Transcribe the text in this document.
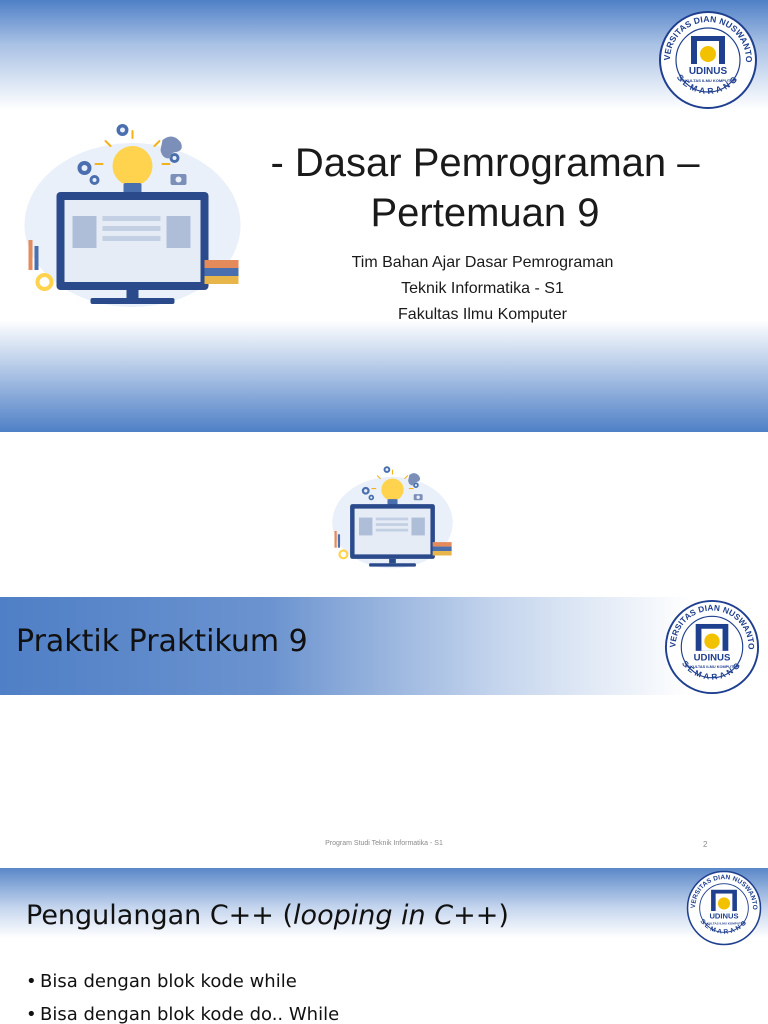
- Dasar Pemrograman –
Pertemuan 9
Tim Bahan Ajar Dasar Pemrograman
Teknik Informatika - S1
Fakultas Ilmu Komputer
Praktik Praktikum 9
Program Studi Teknik Informatika - S1	2
Pengulangan C++ (looping in C++)
• Bisa dengan blok kode while
• Bisa dengan blok kode do.. While
